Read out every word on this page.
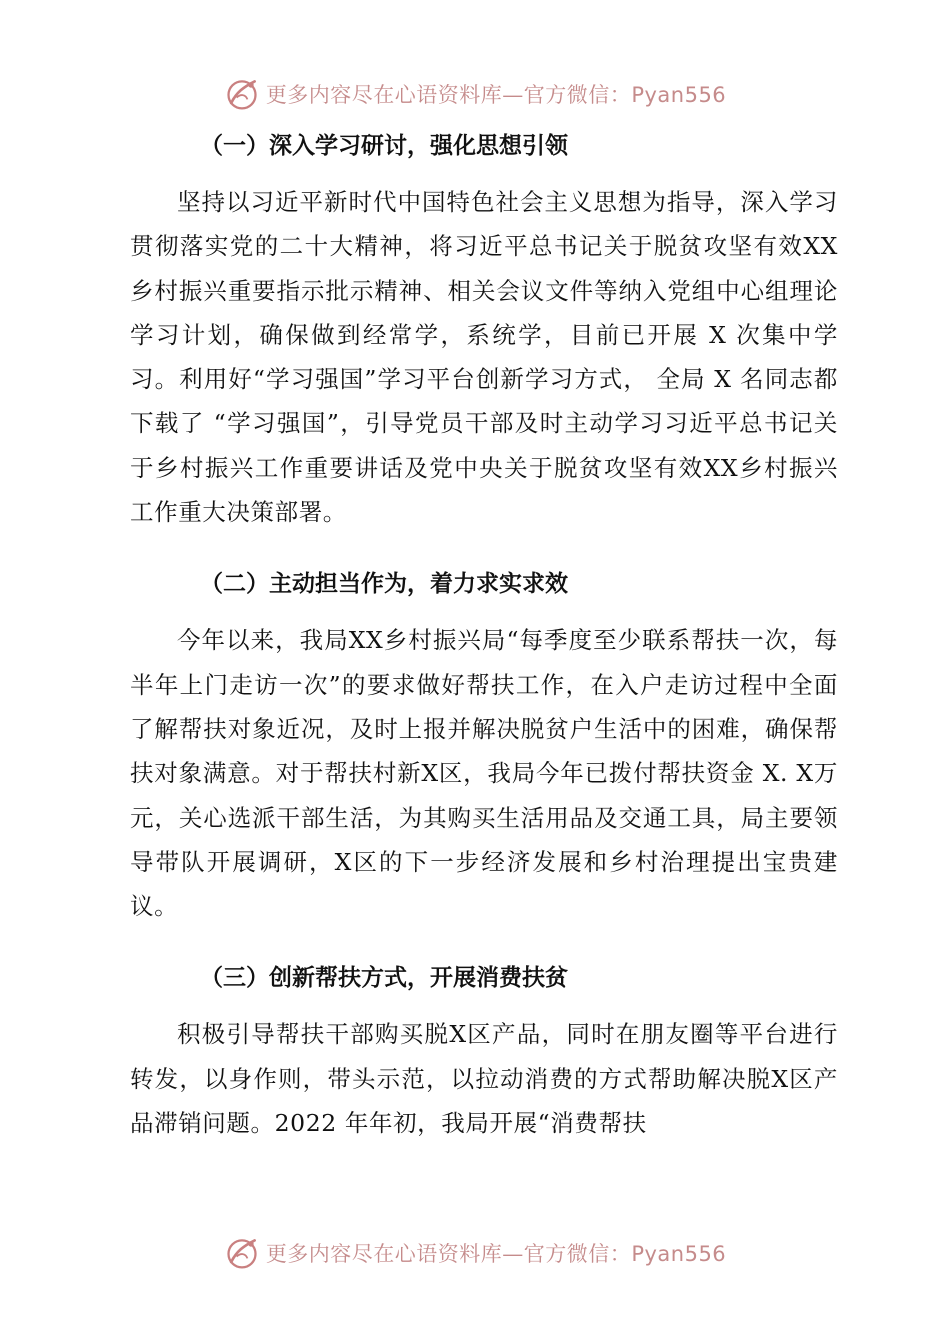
更多内容尽在心语资料库—官方微信：Pyan556

（一）深入学习研讨，强化思想引领

坚持以习近平新时代中国特色社会主义思想为指导，深入学习贯彻落实党的二十大精神，将习近平总书记关于脱贫攻坚有效XX乡村振兴重要指示批示精神、相关会议文件等纳入党组中心组理论学习计划，确保做到经常学，系统学，目前已开展 X 次集中学习。利用好“学习强国”学习平台创新学习方式， 全局 X 名同志都下载了 “学习强国”，引导党员干部及时主动学习习近平总书记关于乡村振兴工作重要讲话及党中央关于脱贫攻坚有效XX乡村振兴工作重大决策部署。

（二）主动担当作为，着力求实求效

今年以来，我局XX乡村振兴局“每季度至少联系帮扶一次，每半年上门走访一次”的要求做好帮扶工作，在入户走访过程中全面了解帮扶对象近况，及时上报并解决脱贫户生活中的困难，确保帮扶对象满意。对于帮扶村新X区，我局今年已拨付帮扶资金 X. X万元，关心选派干部生活，为其购买生活用品及交通工具，局主要领导带队开展调研，X区的下一步经济发展和乡村治理提出宝贵建议。

（三）创新帮扶方式，开展消费扶贫

积极引导帮扶干部购买脱X区产品，同时在朋友圈等平台进行转发，以身作则，带头示范，以拉动消费的方式帮助解决脱X区产品滞销问题。2022 年年初，我局开展“消费帮扶

更多内容尽在心语资料库—官方微信：Pyan556
